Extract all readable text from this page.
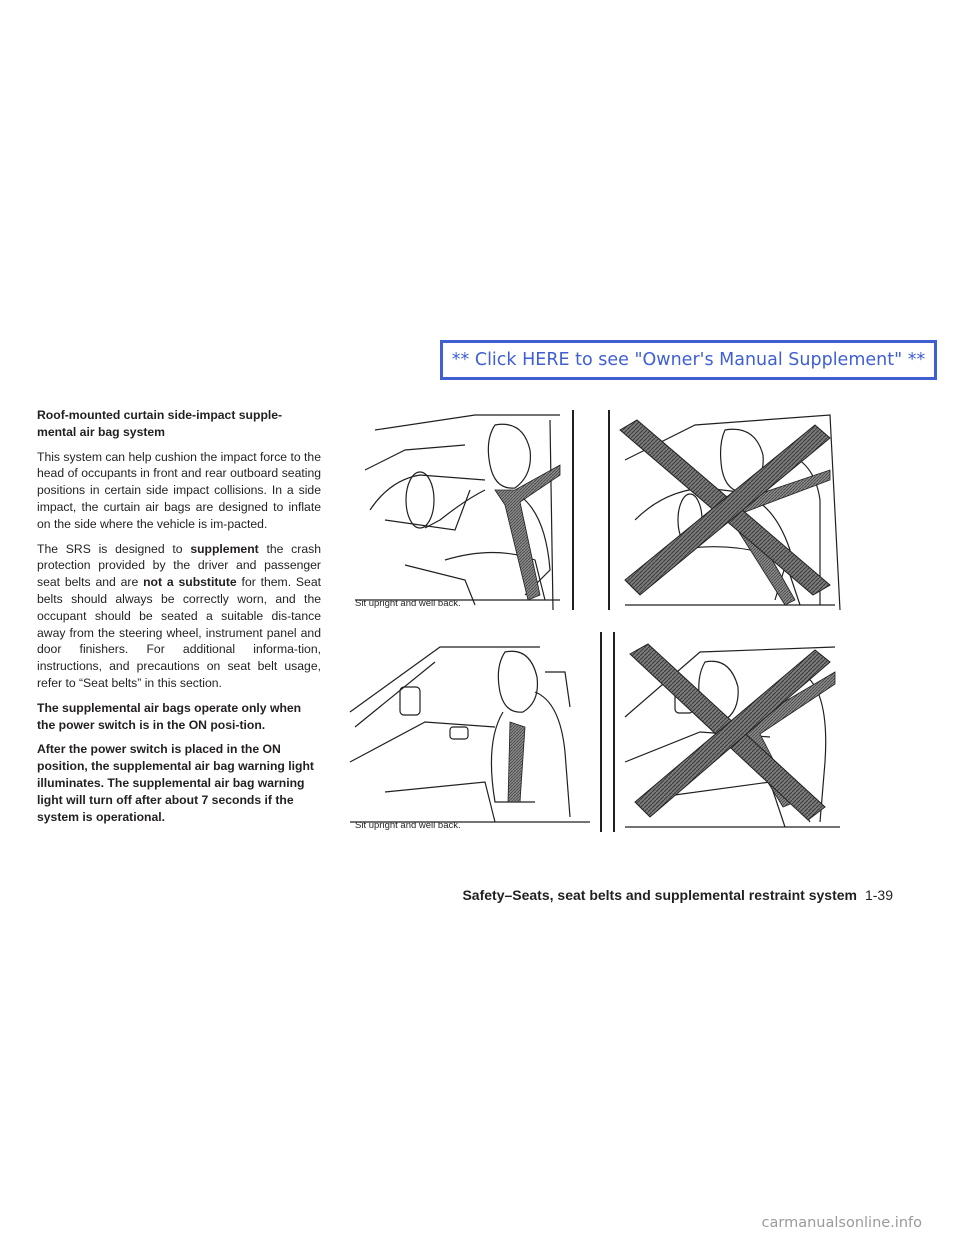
** Click HERE to see "Owner's Manual Supplement" **
Roof-mounted curtain side-impact supple-mental air bag system

This system can help cushion the impact force to the head of occupants in front and rear outboard seating positions in certain side impact collisions. In a side impact, the curtain air bags are designed to inflate on the side where the vehicle is im-pacted.

The SRS is designed to supplement the crash protection provided by the driver and passenger seat belts and are not a substitute for them. Seat belts should always be correctly worn, and the occupant should be seated a suitable dis-tance away from the steering wheel, instrument panel and door finishers. For additional informa-tion, instructions, and precautions on seat belt usage, refer to “Seat belts” in this section.

The supplemental air bags operate only when the power switch is in the ON posi-tion.

After the power switch is placed in the ON position, the supplemental air bag warning light illuminates. The supplemental air bag warning light will turn off after about 7 seconds if the system is operational.

Sit upright and well back.
Sit upright and well back.
Safety–Seats, seat belts and supplemental restraint system 1-39
carmanualsonline.info
